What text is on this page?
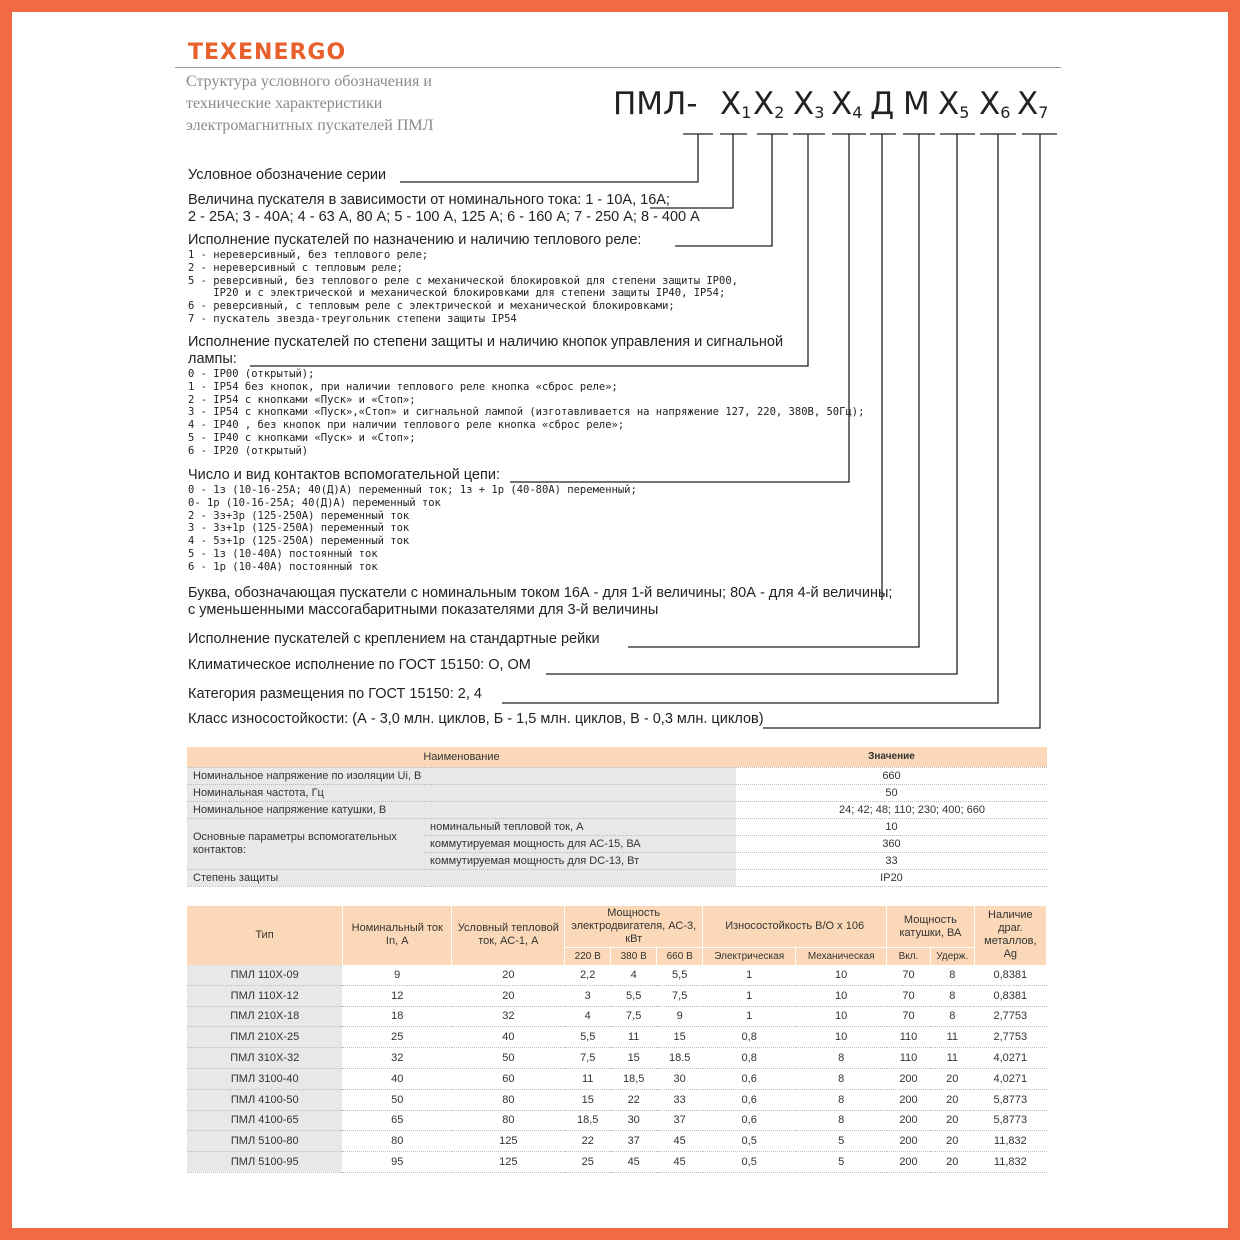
TEXENERGO
Структура условного обозначения и
технические характеристики
электромагнитных пускателей ПМЛ
ПМЛ- $X_1$ $X_2$ $X_3$ $X_4$ Д М $X_5$ $X_6$ $X_7$
Условное обозначение серии
Величина пускателя в зависимости от номинального тока: 1 - 10А, 16А;
2 - 25А; 3 - 40А; 4 - 63 А, 80 А; 5 - 100 А, 125 А; 6 - 160 А; 7 - 250 А; 8 - 400 А
Исполнение пускателей по назначению и наличию теплового реле:
1 - нереверсивный, без теплового реле;
2 - нереверсивный с тепловым реле;
5 - реверсивный, без теплового реле с механической блокировкой для степени защиты IP00,
IP20 и с электрической и механической блокировками для степени защиты IP40, IP54;
6 - реверсивный, с тепловым реле с электрической и механической блокировками;
7 - пускатель звезда-треугольник степени защиты IP54
Исполнение пускателей по степени защиты и наличию кнопок управления и сигнальной
лампы:
0 - IP00 (открытый);
1 - IP54 без кнопок, при наличии теплового реле кнопка «сброс реле»;
2 - IP54 с кнопками «Пуск» и «Стоп»;
3 - IP54 с кнопками «Пуск»,«Стоп» и сигнальной лампой (изготавливается на напряжение 127, 220, 380В, 50Гц);
4 - IP40 , без кнопок при наличии теплового реле кнопка «сброс реле»;
5 - IP40 с кнопками «Пуск» и «Стоп»;
6 - IP20 (открытый)
Число и вид контактов вспомогательной цепи:
0 - 1з (10-16-25А; 40(Д)А) переменный ток; 1з + 1р (40-80А) переменный;
0- 1р (10-16-25А; 40(Д)А) переменный ток
2 - 3з+3р (125-250А) переменный ток
3 - 3з+1р (125-250А) переменный ток
4 - 5з+1р (125-250А) переменный ток
5 - 1з (10-40А) постоянный ток
6 - 1р (10-40А) постоянный ток
Буква, обозначающая пускатели с номинальным током 16А - для 1-й величины; 80А - для 4-й величины;
с уменьшенными массогабаритными показателями для 3-й величины
Исполнение пускателей с креплением на стандартные рейки
Климатическое исполнение по ГОСТ 15150: О, ОМ
Категория размещения по ГОСТ 15150: 2, 4
Класс износостойкости: (А - 3,0 млн. циклов, Б - 1,5 млн. циклов, В - 0,3 млн. циклов)
Наименование		Значение
Номинальное напряжение по изоляции Ui, В		660
Номинальная частота, Гц		50
Номинальное напряжение катушки, В		24; 42; 48; 110; 230; 400; 660
Основные параметры вспомогательных контактов:	номинальный тепловой ток, А	10
	коммутируемая мощность для АС-15, ВА	360
	коммутируемая мощность для DC-13, Вт	33
Степень защиты		IP20
Тип	Номинальный ток In, А	Условный тепловой ток, АС-1, А	Мощность электродвигателя, АС-3, кВт			Износостойкость В/О х 106		Мощность катушки, ВА		Наличие драг. металлов, Ag
			220 В	380 В	660 В	Электрическая	Механическая	Вкл.	Удерж.	
ПМЛ 110Х-09	9	20	2,2	4	5,5	1	10	70	8	0,8381
ПМЛ 110Х-12	12	20	3	5,5	7,5	1	10	70	8	0,8381
ПМЛ 210Х-18	18	32	4	7,5	9	1	10	70	8	2,7753
ПМЛ 210Х-25	25	40	5,5	11	15	0,8	10	110	11	2,7753
ПМЛ 310Х-32	32	50	7,5	15	18.5	0,8	8	110	11	4,0271
ПМЛ 3100-40	40	60	11	18,5	30	0,6	8	200	20	4,0271
ПМЛ 4100-50	50	80	15	22	33	0,6	8	200	20	5,8773
ПМЛ 4100-65	65	80	18,5	30	37	0,6	8	200	20	5,8773
ПМЛ 5100-80	80	125	22	37	45	0,5	5	200	20	11,832
ПМЛ 5100-95	95	125	25	45	45	0,5	5	200	20	11,832
